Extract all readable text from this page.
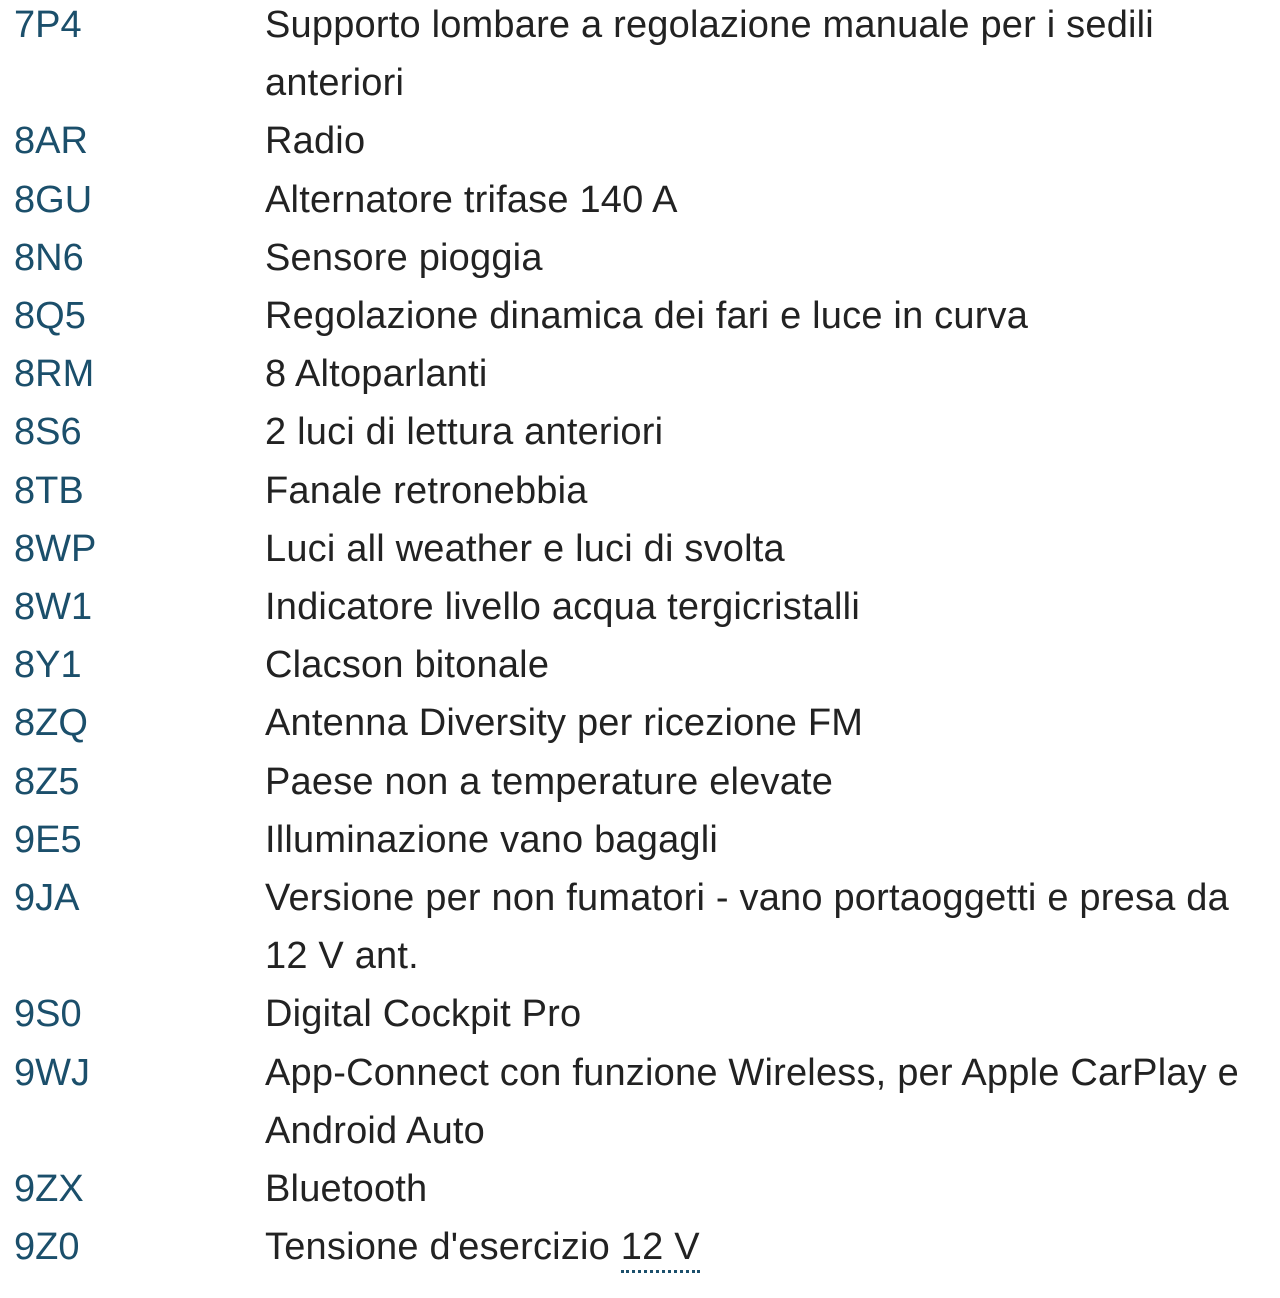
7P4	Supporto lombare a regolazione manuale per i sedili anteriori
8AR	Radio
8GU	Alternatore trifase 140 A
8N6	Sensore pioggia
8Q5	Regolazione dinamica dei fari e luce in curva
8RM	8 Altoparlanti
8S6	2 luci di lettura anteriori
8TB	Fanale retronebbia
8WP	Luci all weather e luci di svolta
8W1	Indicatore livello acqua tergicristalli
8Y1	Clacson bitonale
8ZQ	Antenna Diversity per ricezione FM
8Z5	Paese non a temperature elevate
9E5	Illuminazione vano bagagli
9JA	Versione per non fumatori - vano portaoggetti e presa da 12 V ant.
9S0	Digital Cockpit Pro
9WJ	App-Connect con funzione Wireless, per Apple CarPlay e Android Auto
9ZX	Bluetooth
9Z0	Tensione d'esercizio 12 V
